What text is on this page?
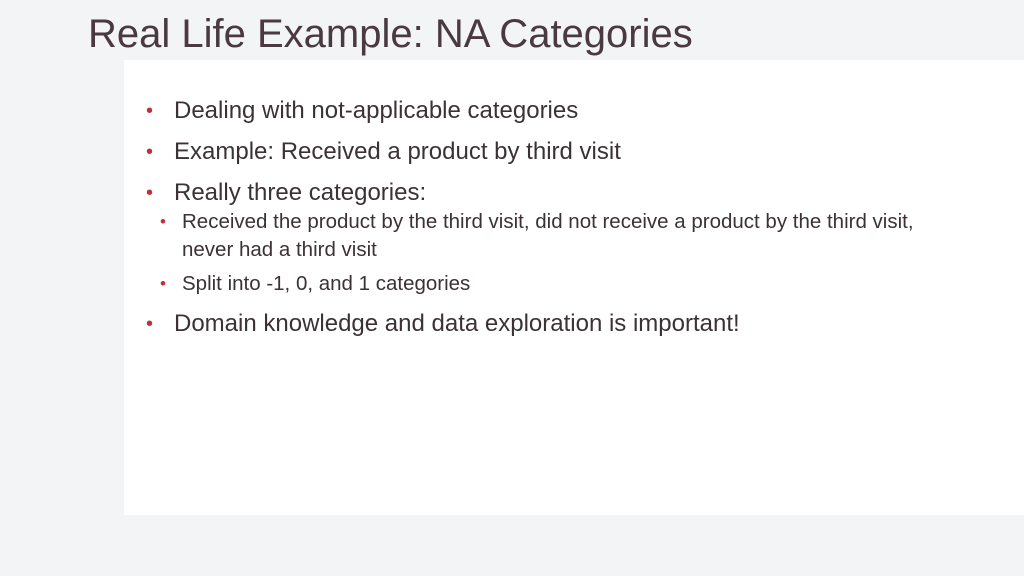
Real Life Example: NA Categories
• Dealing with not-applicable categories
• Example: Received a product by third visit
• Really three categories:
• Received the product by the third visit, did not receive a product by the third visit, never had a third visit
• Split into -1, 0, and 1 categories
• Domain knowledge and data exploration is important!
